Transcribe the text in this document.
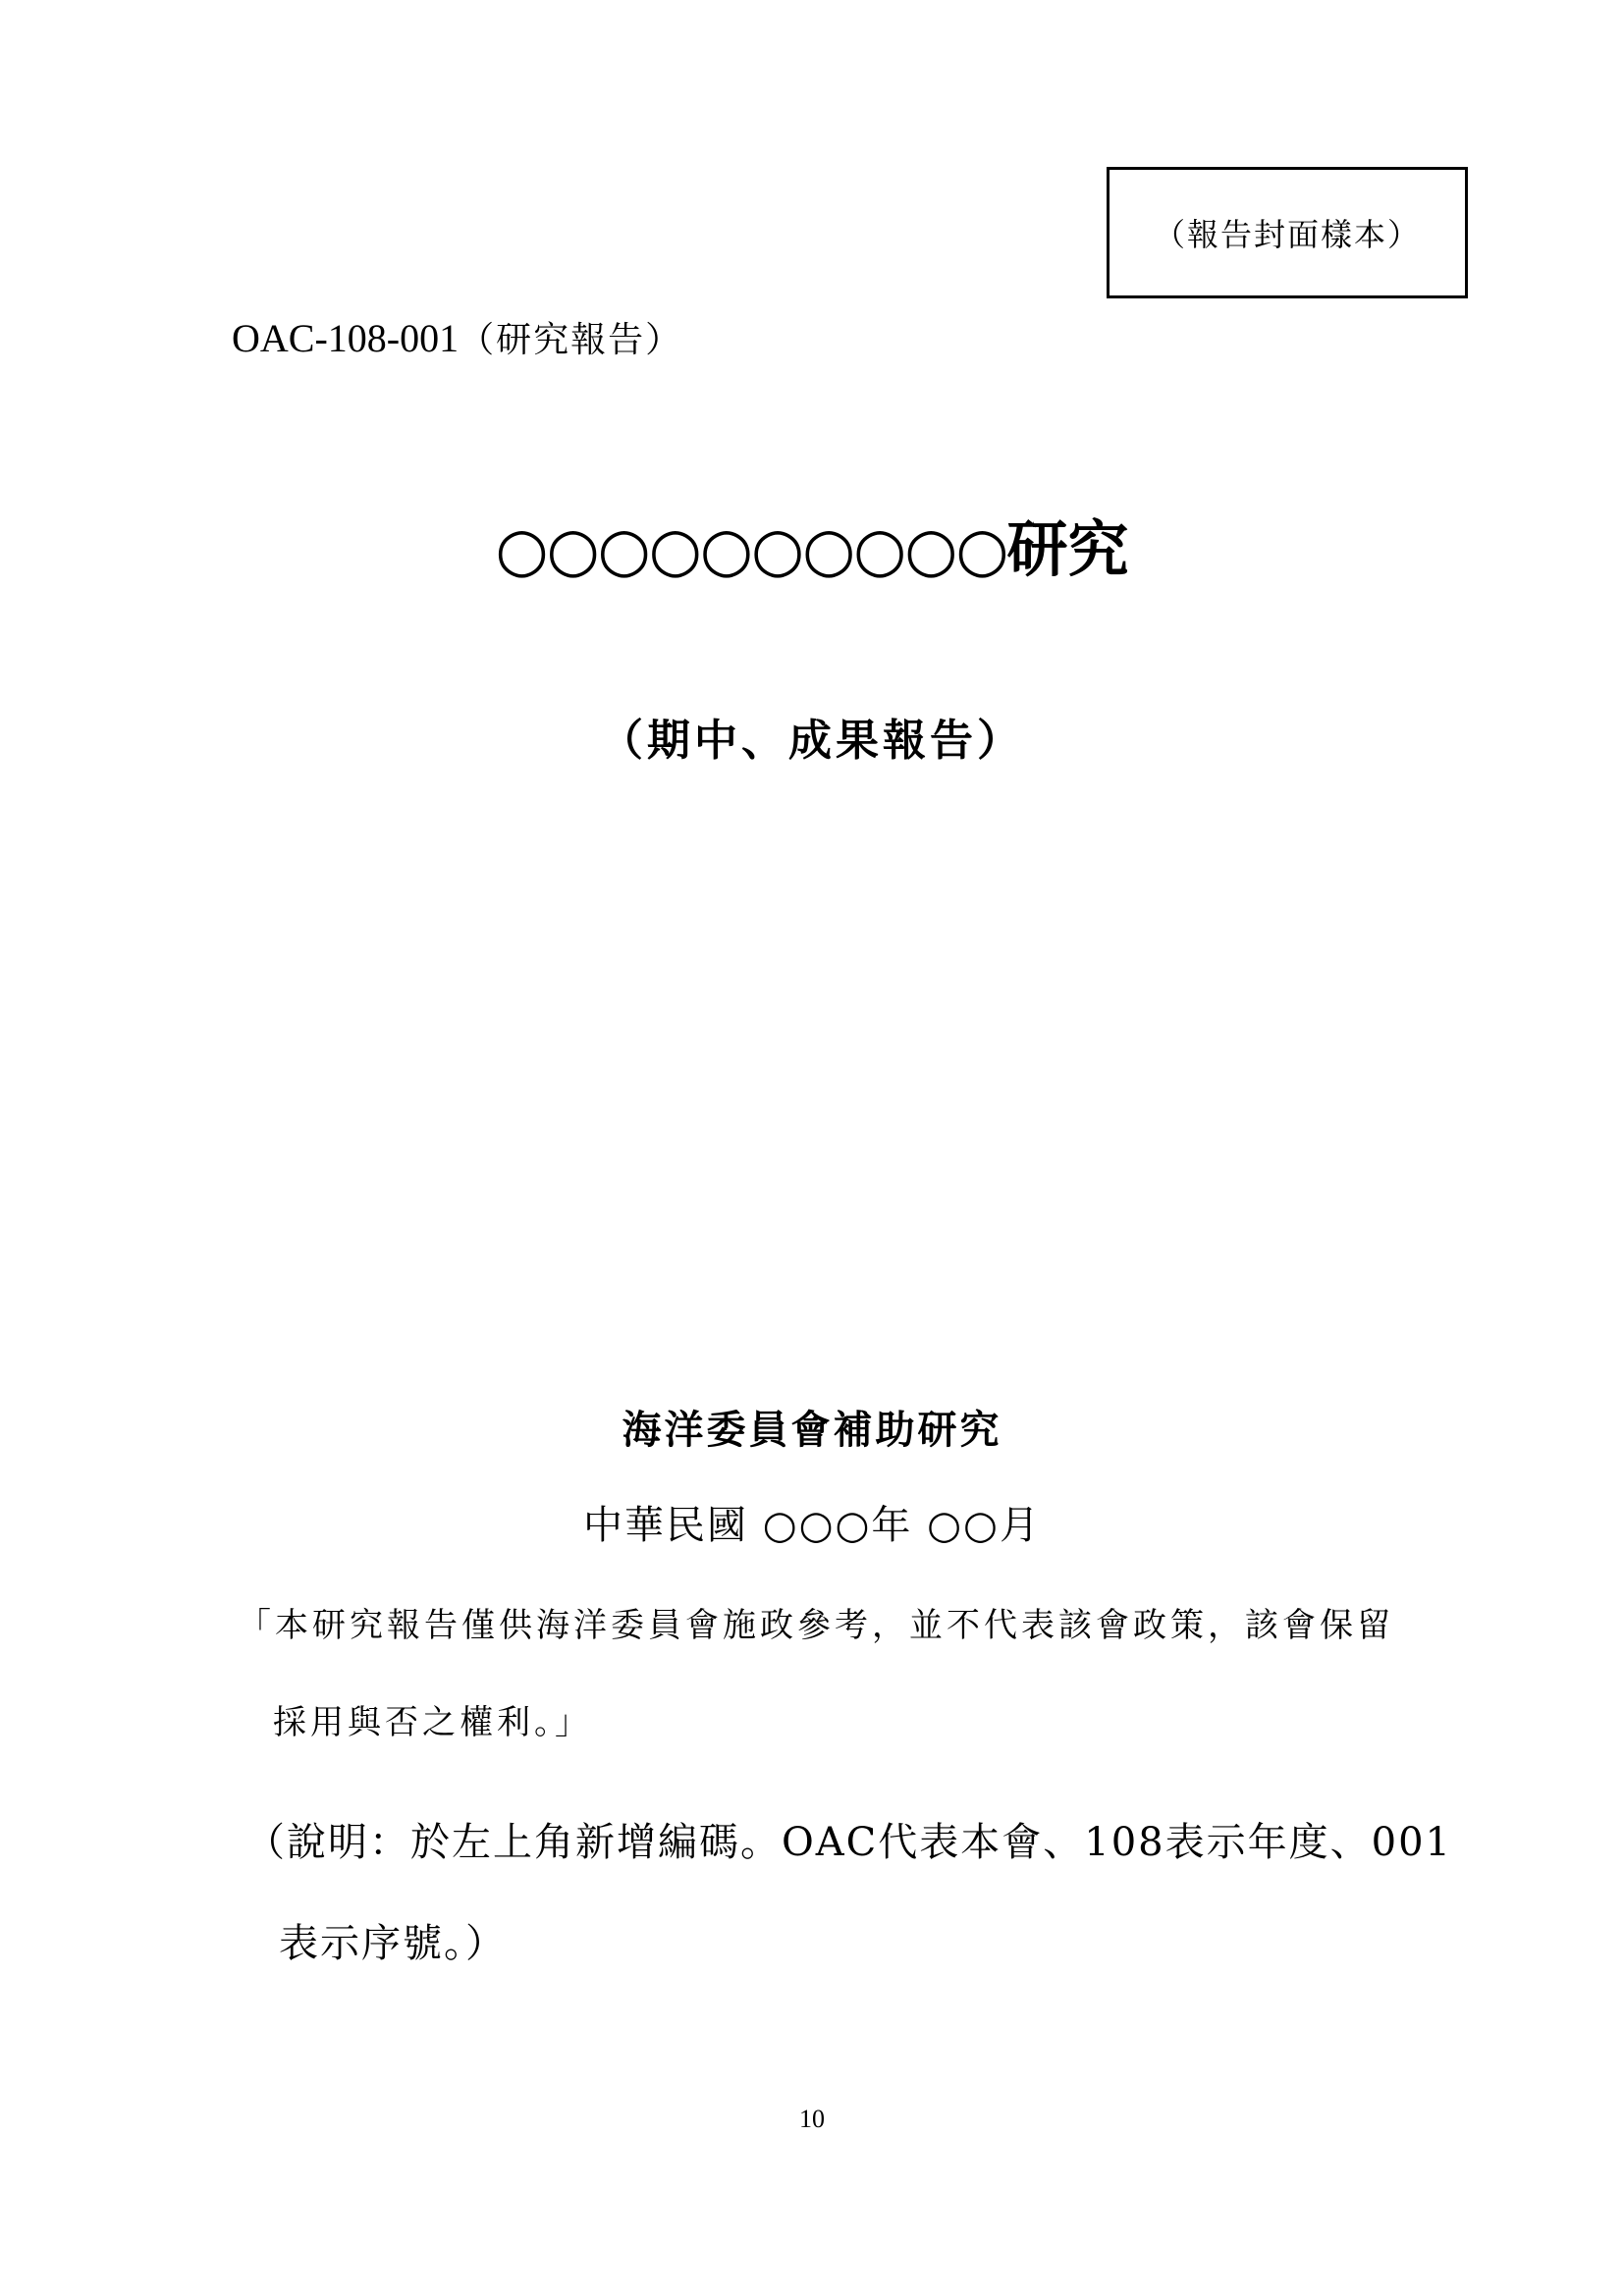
（報告封面樣本）
OAC-108-001（研究報告）
○○○○○○○○○○研究
（期中、成果報告）
海洋委員會補助研究
中華民國 ○○○年 ○○月
「本研究報告僅供海洋委員會施政參考，並不代表該會政策，該會保留
採用與否之權利。」
（說明：於左上角新增編碼。OAC代表本會、108表示年度、001
表示序號。）
10
